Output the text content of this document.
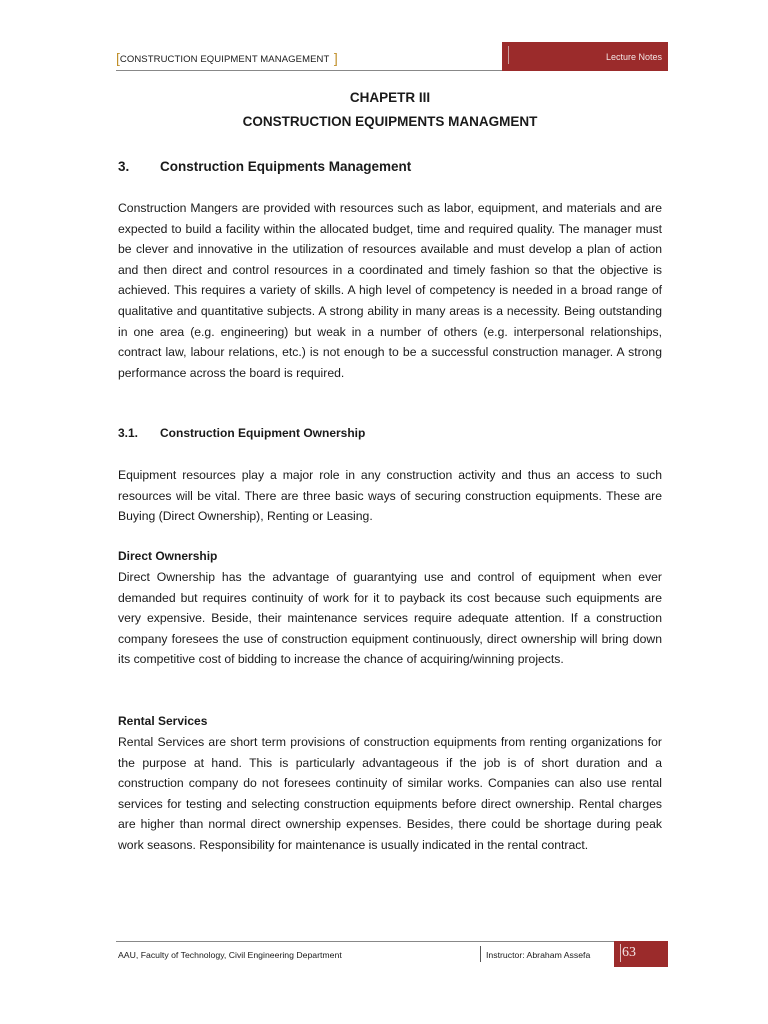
[CONSTRUCTION EQUIPMENT MANAGEMENT ]	Lecture Notes
CHAPETR III
CONSTRUCTION EQUIPMENTS MANAGMENT
3. Construction Equipments Management
Construction Mangers are provided with resources such as labor, equipment, and materials and are expected to build a facility within the allocated budget, time and required quality. The manager must be clever and innovative in the utilization of resources available and must develop a plan of action and then direct and control resources in a coordinated and timely fashion so that the objective is achieved. This requires a variety of skills. A high level of competency is needed in a broad range of qualitative and quantitative subjects. A strong ability in many areas is a necessity. Being outstanding in one area (e.g. engineering) but weak in a number of others (e.g. interpersonal relationships, contract law, labour relations, etc.) is not enough to be a successful construction manager. A strong performance across the board is required.
3.1. Construction Equipment Ownership
Equipment resources play a major role in any construction activity and thus an access to such resources will be vital. There are three basic ways of securing construction equipments. These are Buying (Direct Ownership), Renting or Leasing.
Direct Ownership
Direct Ownership has the advantage of guarantying use and control of equipment when ever demanded but requires continuity of work for it to payback its cost because such equipments are very expensive. Beside, their maintenance services require adequate attention. If a construction company foresees the use of construction equipment continuously, direct ownership will bring down its competitive cost of bidding to increase the chance of acquiring/winning projects.
Rental Services
Rental Services are short term provisions of construction equipments from renting organizations for the purpose at hand. This is particularly advantageous if the job is of short duration and a construction company do not foresees continuity of similar works. Companies can also use rental services for testing and selecting construction equipments before direct ownership. Rental charges are higher than normal direct ownership expenses. Besides, there could be shortage during peak work seasons. Responsibility for maintenance is usually indicated in the rental contract.
AAU, Faculty of Technology, Civil Engineering Department	Instructor: Abraham Assefa 63
